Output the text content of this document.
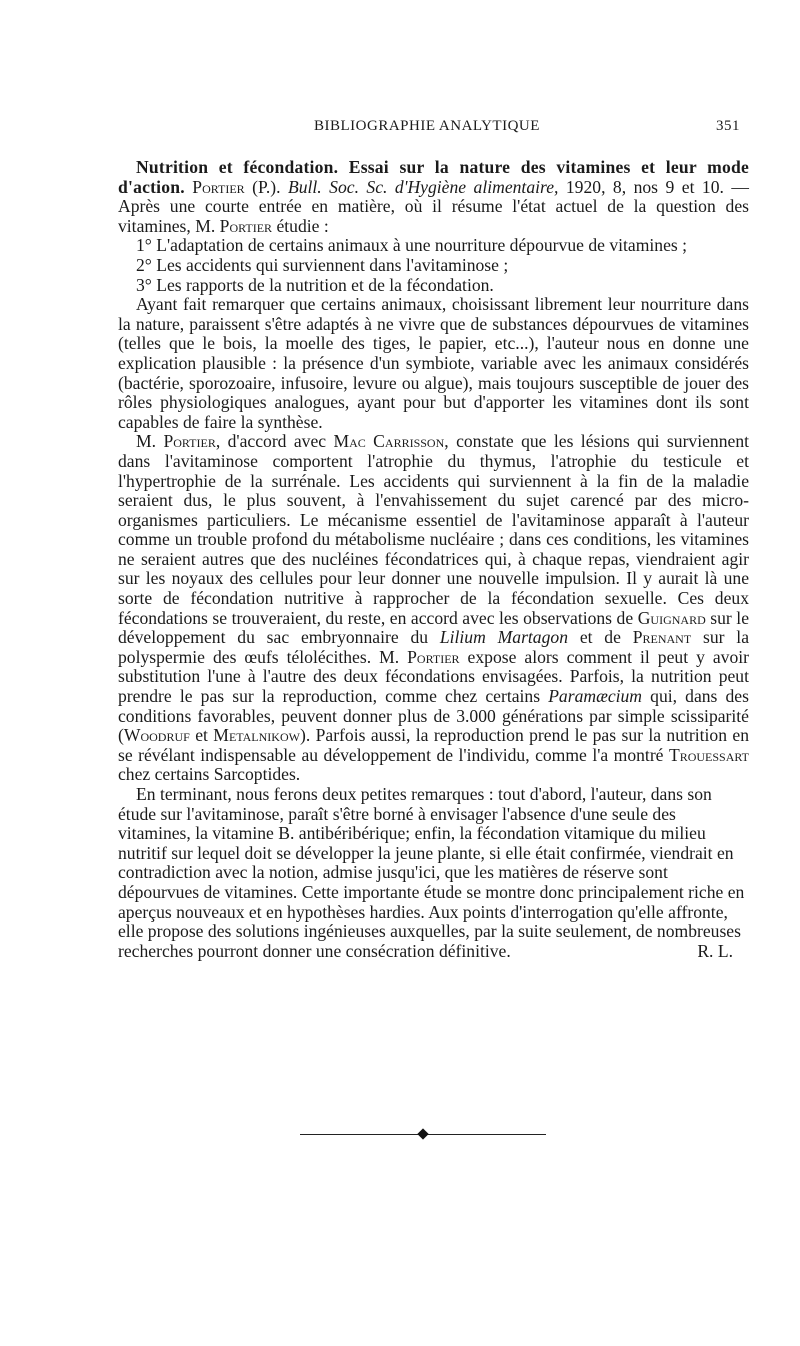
BIBLIOGRAPHIE ANALYTIQUE	351

Nutrition et fécondation. Essai sur la nature des vitamines et leur mode d'action. Portier (P.). Bull. Soc. Sc. d'Hygiène alimentaire, 1920, 8, nos 9 et 10. — Après une courte entrée en matière, où il résume l'état actuel de la question des vitamines, M. Portier étudie :

1° L'adaptation de certains animaux à une nourriture dépourvue de vitamines ;

2° Les accidents qui surviennent dans l'avitaminose ;

3° Les rapports de la nutrition et de la fécondation.

Ayant fait remarquer que certains animaux, choisissant librement leur nourriture dans la nature, paraissent s'être adaptés à ne vivre que de substances dépourvues de vitamines (telles que le bois, la moelle des tiges, le papier, etc...), l'auteur nous en donne une explication plausible : la présence d'un symbiote, variable avec les animaux considérés (bactérie, sporozoaire, infusoire, levure ou algue), mais toujours susceptible de jouer des rôles physiologiques analogues, ayant pour but d'apporter les vitamines dont ils sont capables de faire la synthèse.

M. Portier, d'accord avec Mac Carrisson, constate que les lésions qui surviennent dans l'avitaminose comportent l'atrophie du thymus, l'atrophie du testicule et l'hypertrophie de la surrénale. Les accidents qui surviennent à la fin de la maladie seraient dus, le plus souvent, à l'envahissement du sujet carencé par des micro-organismes particuliers. Le mécanisme essentiel de l'avitaminose apparaît à l'auteur comme un trouble profond du métabolisme nucléaire ; dans ces conditions, les vitamines ne seraient autres que des nucléines fécondatrices qui, à chaque repas, viendraient agir sur les noyaux des cellules pour leur donner une nouvelle impulsion. Il y aurait là une sorte de fécondation nutritive à rapprocher de la fécondation sexuelle. Ces deux fécondations se trouveraient, du reste, en accord avec les observations de Guignard sur le développement du sac embryonnaire du Lilium Martagon et de Prenant sur la polyspermie des œufs télolécithes. M. Portier expose alors comment il peut y avoir substitution l'une à l'autre des deux fécondations envisagées. Parfois, la nutrition peut prendre le pas sur la reproduction, comme chez certains Paramæcium qui, dans des conditions favorables, peuvent donner plus de 3.000 générations par simple scissiparité (Woodruf et Metalnikow). Parfois aussi, la reproduction prend le pas sur la nutrition en se révélant indispensable au développement de l'individu, comme l'a montré Trouessart chez certains Sarcoptides.

En terminant, nous ferons deux petites remarques : tout d'abord, l'auteur, dans son étude sur l'avitaminose, paraît s'être borné à envisager l'absence d'une seule des vitamines, la vitamine B. antibéribérique; enfin, la fécondation vitamique du milieu nutritif sur lequel doit se développer la jeune plante, si elle était confirmée, viendrait en contradiction avec la notion, admise jusqu'ici, que les matières de réserve sont dépourvues de vitamines. Cette importante étude se montre donc principalement riche en aperçus nouveaux et en hypothèses hardies. Aux points d'interrogation qu'elle affronte, elle propose des solutions ingénieuses auxquelles, par la suite seulement, de nombreuses recherches pourront donner une consécration définitive.	R. L.
